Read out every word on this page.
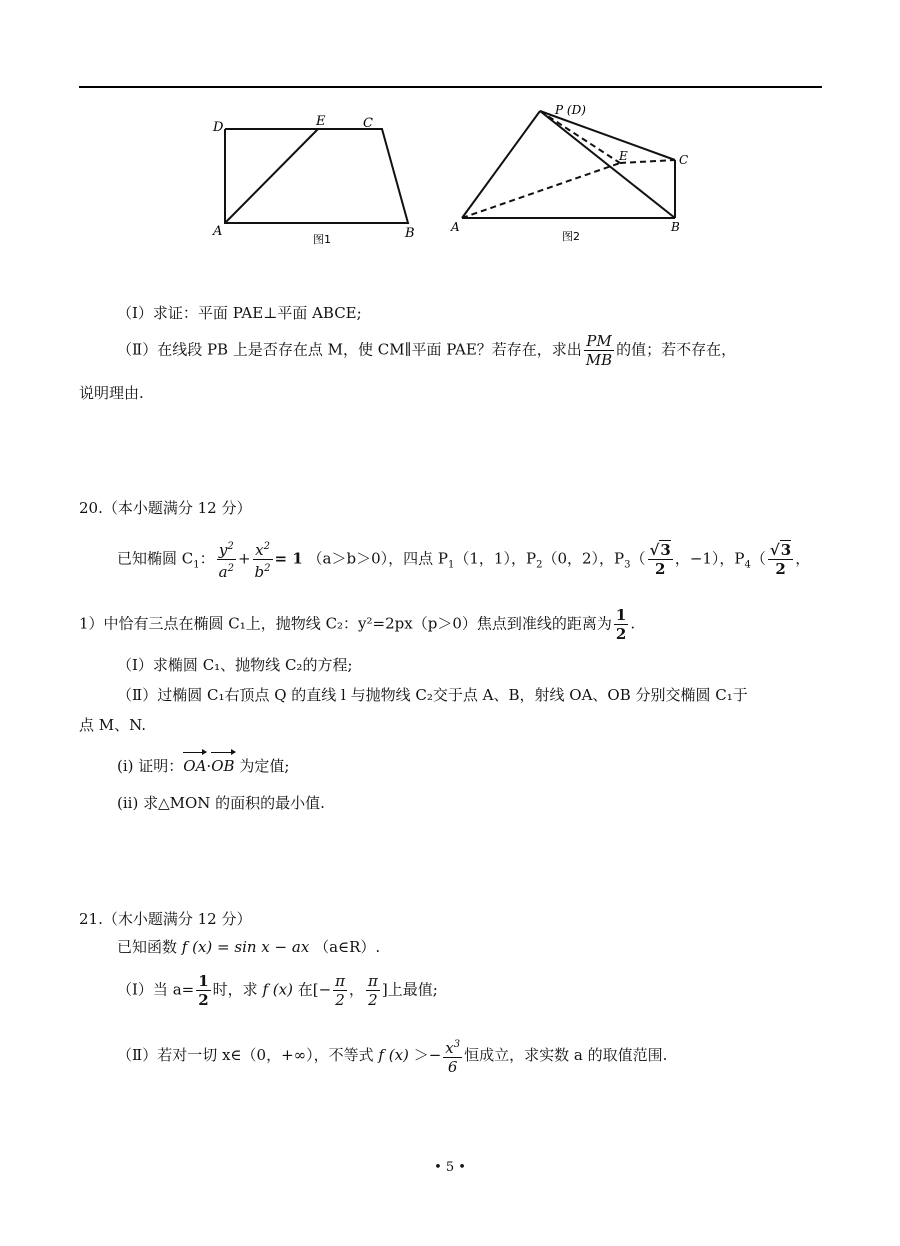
D	E	C
A	B
图1
P (D)
E	C
A	B
图2
（Ⅰ）求证：平面 PAE⊥平面 ABCE;
（Ⅱ）在线段 PB 上是否存在点 M，使 CM∥平面 PAE？若存在，求出 $\frac{PM}{MB}$ 的值；若不存在，
说明理由.
20.（本小题满分 12 分）
已知椭圆 $C_1$： $\frac{y^2}{a^2} + \frac{x^2}{b^2} = 1$ （a＞b＞0），四点 $P_1(1$，1），$P_2(0$，2），$P_3( \frac{√3}{2}$ ，−1），$P_4( \frac{√3}{2}$ ，
1）中恰有三点在椭圆 C₁上，抛物线 C₂：y²=2px（p＞0）焦点到准线的距离为 $\frac{1}{2}$ .
（Ⅰ）求椭圆 C₁、抛物线 C₂的方程;
（Ⅱ）过椭圆 C₁右顶点 Q 的直线 l 与抛物线 C₂交于点 A、B，射线 OA、OB 分别交椭圆 C₁于
点 M、N.
(i) 证明：OA·OB 为定值;
(ii) 求△MON 的面积的最小值.
21.（木小题满分 12 分）
已知函数 f (x) = sin x − ax （a∈R）.
（Ⅰ）当 $a= \frac{1}{2}$ 时，求 f (x) 在[− $\frac{\pi}{2}$ ， $\frac{\pi}{2}$ ]上最值;
（Ⅱ）若对一切 x∈（0，+∞），不等式 f $(x) >- \frac{x^3}{6}$ 恒成立，求实数 a 的取值范围.
• 5 •
